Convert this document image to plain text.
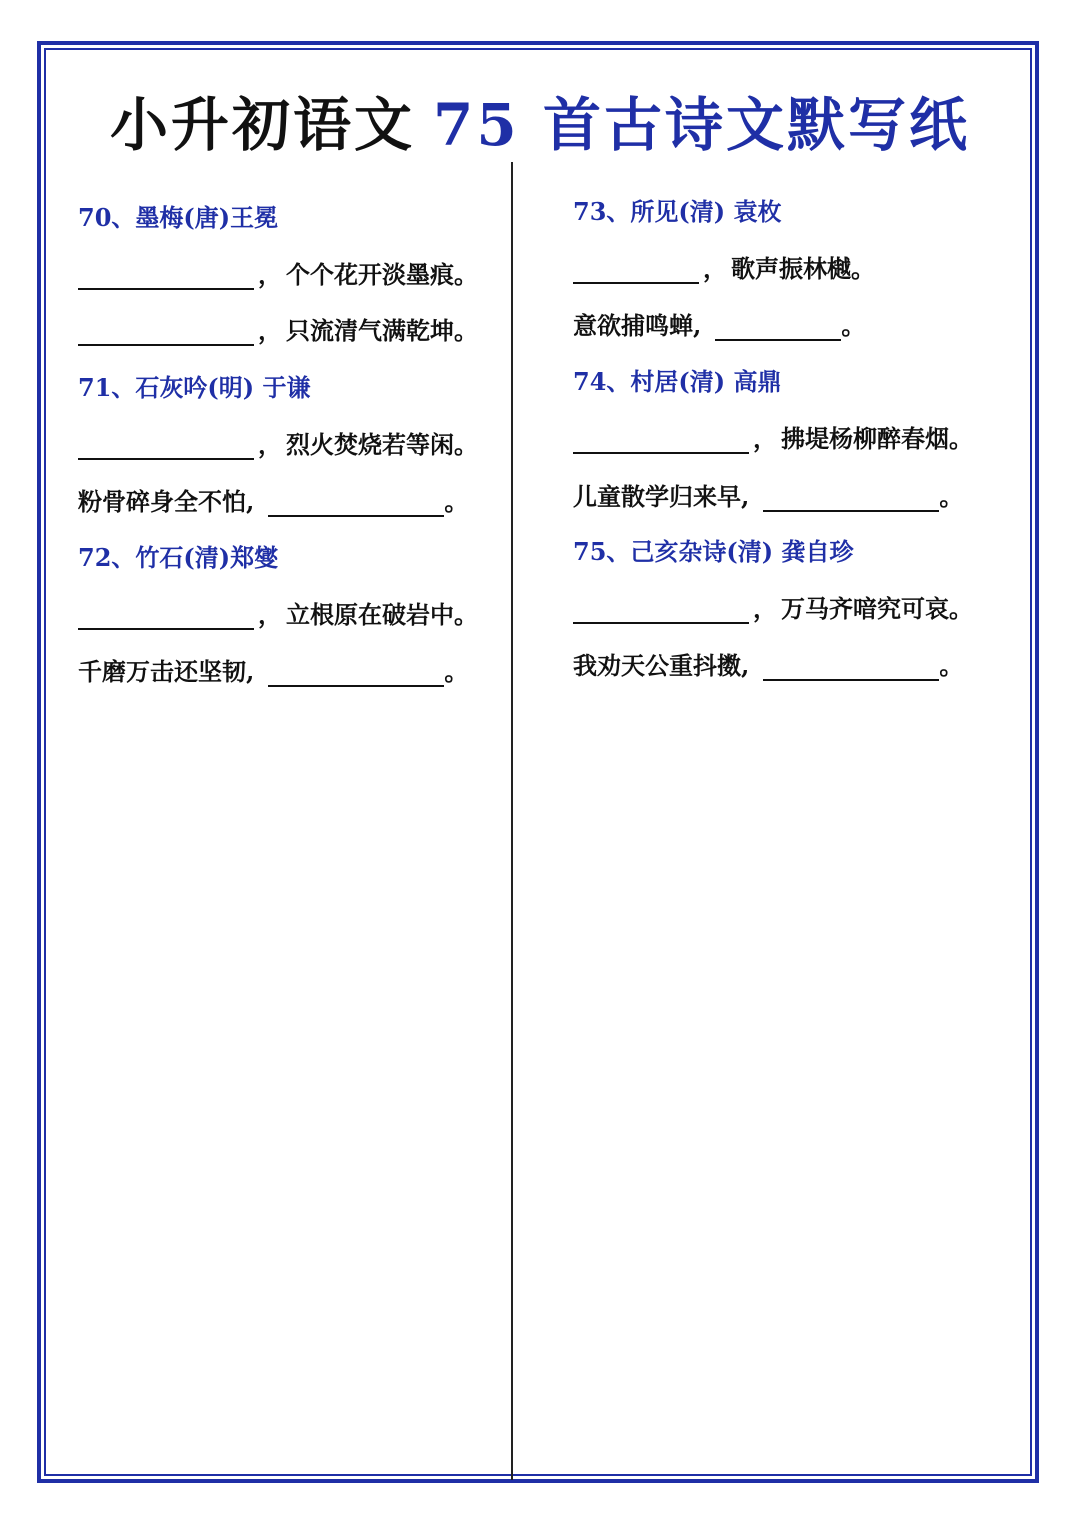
小升初语文 75 首古诗文默写纸
70、墨梅(唐)王冕
， 个个花开淡墨痕。
， 只流清气满乾坤。
71、石灰吟(明) 于谦
， 烈火焚烧若等闲。
粉骨碎身全不怕,	。
72、竹石(清)郑燮
， 立根原在破岩中。
千磨万击还坚韧,	。
73、所见(清) 袁枚
， 歌声振林樾。
意欲捕鸣蝉,	。
74、村居(清) 高鼎
， 拂堤杨柳醉春烟。
儿童散学归来早,	。
75、己亥杂诗(清) 龚自珍
， 万马齐喑究可哀。
我劝天公重抖擞,	。
